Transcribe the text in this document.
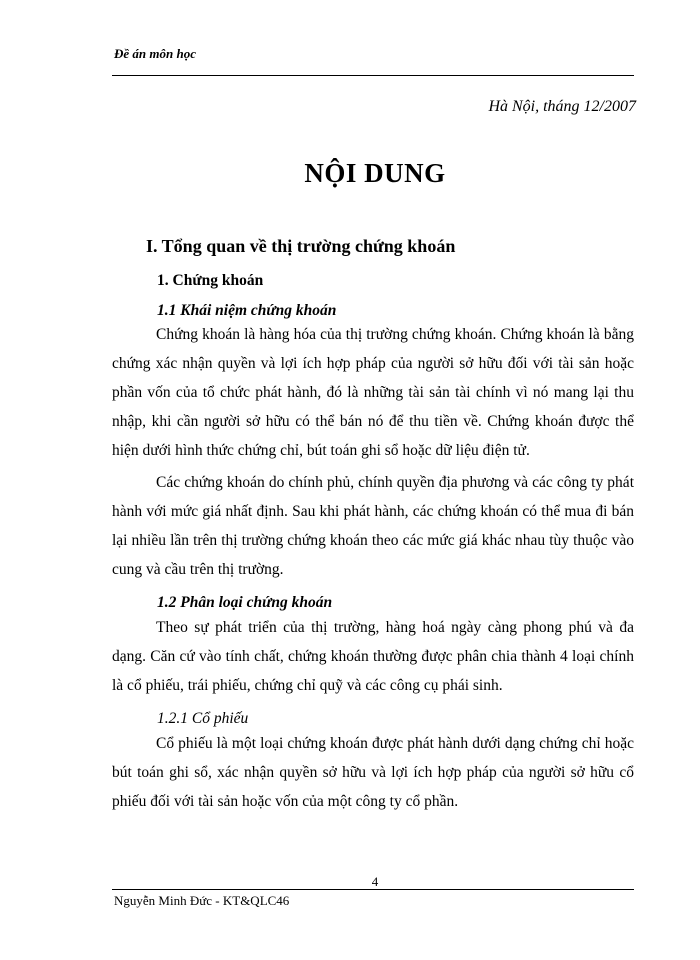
Đề án môn học
Hà Nội, tháng 12/2007
NỘI DUNG
I. Tổng quan về thị trường chứng khoán
1. Chứng khoán
1.1 Khái niệm chứng khoán

Chứng khoán là hàng hóa của thị trường chứng khoán. Chứng khoán là bằng chứng xác nhận quyền và lợi ích hợp pháp của người sở hữu đối với tài sản hoặc phần vốn của tổ chức phát hành, đó là những tài sản tài chính vì nó mang lại thu nhập, khi cần người sở hữu có thể bán nó để thu tiền về. Chứng khoán được thể hiện dưới hình thức chứng chỉ, bút toán ghi sổ hoặc dữ liệu điện tử.

Các chứng khoán do chính phủ, chính quyền địa phương và các công ty phát hành với mức giá nhất định. Sau khi phát hành, các chứng khoán có thể mua đi bán lại nhiều lần trên thị trường chứng khoán theo các mức giá khác nhau tùy thuộc vào cung và cầu trên thị trường.

1.2 Phân loại chứng khoán

Theo sự phát triển của thị trường, hàng hoá ngày càng phong phú và đa dạng. Căn cứ vào tính chất, chứng khoán thường được phân chia thành 4 loại chính là cổ phiếu, trái phiếu, chứng chỉ quỹ và các công cụ phái sinh.

1.2.1 Cổ phiếu

Cổ phiếu là một loại chứng khoán được phát hành dưới dạng chứng chỉ hoặc bút toán ghi sổ, xác nhận quyền sở hữu và lợi ích hợp pháp của người sở hữu cổ phiếu đối với tài sản hoặc vốn của một công ty cổ phần.

4
Nguyễn Minh Đức - KT&QLC46
